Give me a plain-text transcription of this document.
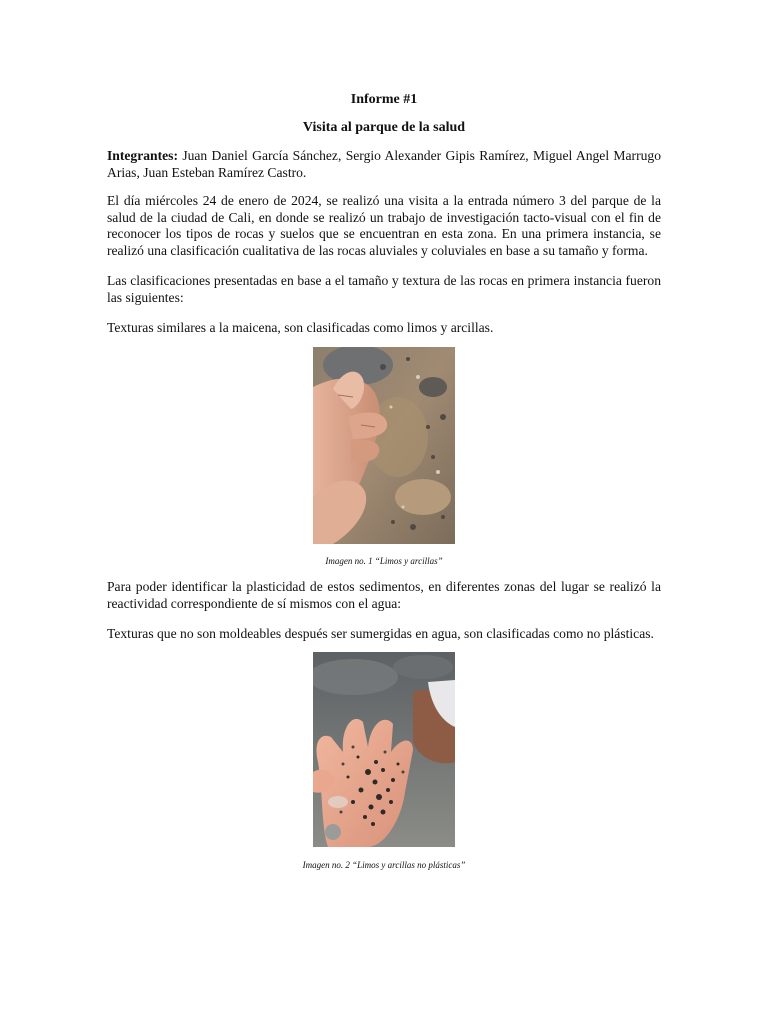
Informe #1
Visita al parque de la salud

Integrantes: Juan Daniel García Sánchez, Sergio Alexander Gipis Ramírez, Miguel Angel Marrugo Arias, Juan Esteban Ramírez Castro.

El día miércoles 24 de enero de 2024, se realizó una visita a la entrada número 3 del parque de la salud de la ciudad de Cali, en donde se realizó un trabajo de investigación tacto-visual con el fin de reconocer los tipos de rocas y suelos que se encuentran en esta zona. En una primera instancia, se realizó una clasificación cualitativa de las rocas aluviales y coluviales en base a su tamaño y forma.

Las clasificaciones presentadas en base a el tamaño y textura de las rocas en primera instancia fueron las siguientes:

Texturas similares a la maicena, son clasificadas como limos y arcillas.

Imagen no. 1 “Limos y arcillas”

Para poder identificar la plasticidad de estos sedimentos, en diferentes zonas del lugar se realizó la reactividad correspondiente de sí mismos con el agua:

Texturas que no son moldeables después ser sumergidas en agua, son clasificadas como no plásticas.

Imagen no. 2 “Limos y arcillas no plásticas”
